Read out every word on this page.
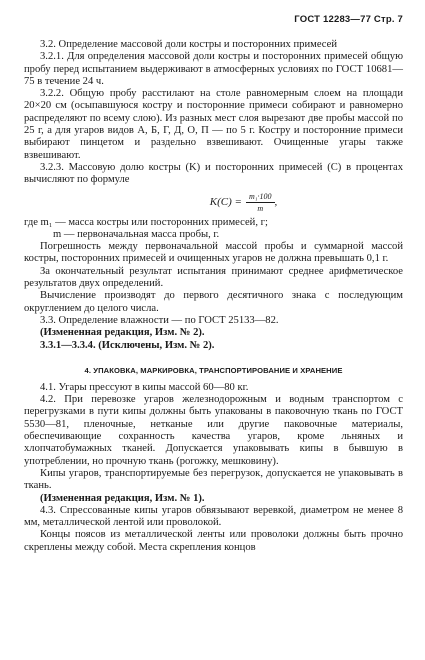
ГОСТ 12283—77 Стр. 7

3.2. Определение массовой доли костры и посторонних примесей

3.2.1. Для определения массовой доли костры и посторонних примесей общую пробу перед испытанием выдерживают в атмосферных условиях по ГОСТ 10681—75 в течение 24 ч.

3.2.2. Общую пробу расстилают на столе равномерным слоем на площади 20×20 см (осыпавшуюся костру и посторонние примеси собирают и равномерно распределяют по всему слою). Из разных мест слоя вырезают две пробы массой по 25 г, а для угаров видов А, Б, Г, Д, О, П — по 5 г. Костру и посторонние примеси выбирают пинцетом и раздельно взвешивают. Очищенные угары также взвешивают.

3.2.3. Массовую долю костры (K) и посторонних примесей (C) в процентах вычисляют по формуле

$K(C) = \frac{\text{m₁·100}}{m}$ ,

где m₁ — масса костры или посторонних примесей, г;

m — первоначальная масса пробы, г.

Погрешность между первоначальной массой пробы и суммарной массой костры, посторонних примесей и очищенных угаров не должна превышать 0,1 г.

За окончательный результат испытания принимают среднее арифметическое результатов двух определений.

Вычисление производят до первого десятичного знака с последующим округлением до целого числа.

3.3. Определение влажности — по ГОСТ 25133—82.

(Измененная редакция, Изм. № 2).

3.3.1—3.3.4. (Исключены, Изм. № 2).

4. УПАКОВКА, МАРКИРОВКА, ТРАНСПОРТИРОВАНИЕ И ХРАНЕНИЕ

4.1. Угары прессуют в кипы массой 60—80 кг.

4.2. При перевозке угаров железнодорожным и водным транспортом с перегрузками в пути кипы должны быть упакованы в паковочную ткань по ГОСТ 5530—81, пленочные, нетканые или другие паковочные материалы, обеспечивающие сохранность качества угаров, кроме льняных и хлопчатобумажных тканей. Допускается упаковывать кипы в бывшую в употреблении, но прочную ткань (рогожку, мешковину).

Кипы угаров, транспортируемые без перегрузок, допускается не упаковывать в ткань.

(Измененная редакция, Изм. № 1).

4.3. Спрессованные кипы угаров обвязывают веревкой, диаметром не менее 8 мм, металлической лентой или проволокой.

Концы поясов из металлической ленты или проволоки должны быть прочно скреплены между собой. Места скрепления концов
